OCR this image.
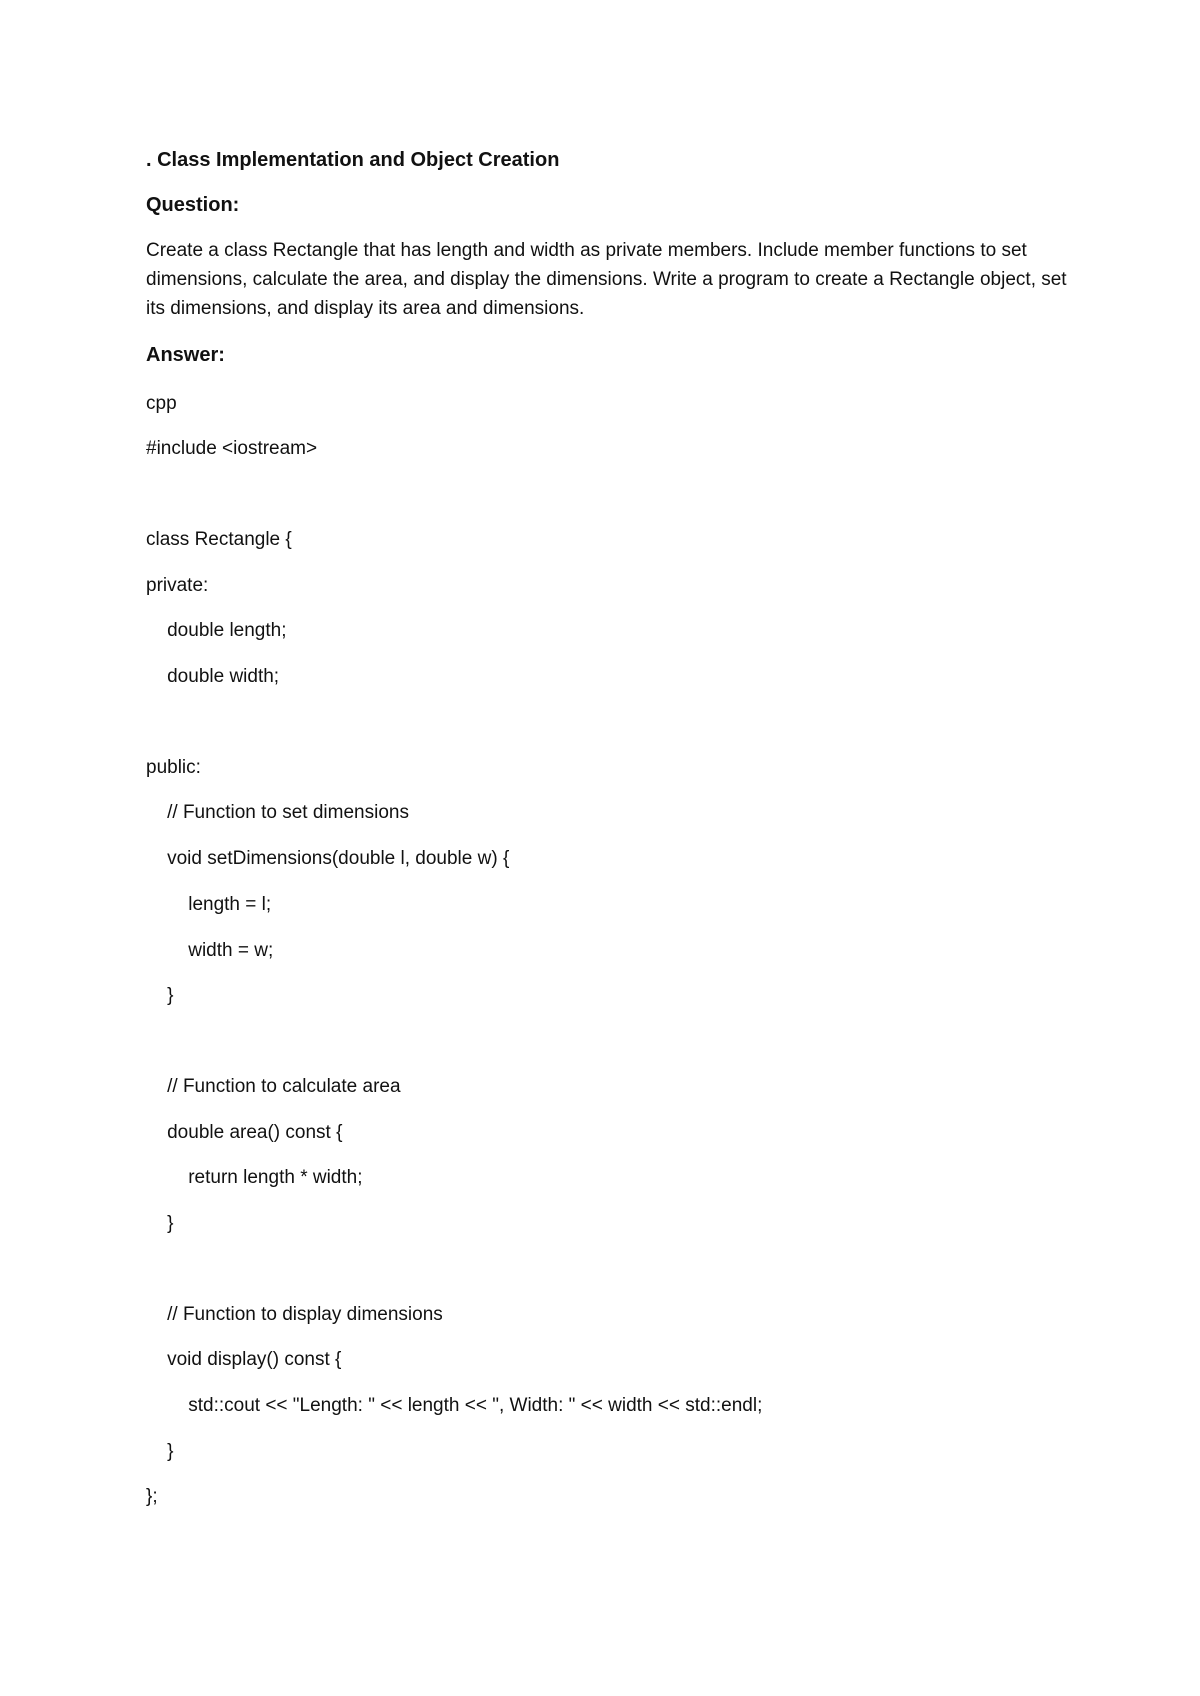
. Class Implementation and Object Creation
Question:
Create a class Rectangle that has length and width as private members. Include member functions to set dimensions, calculate the area, and display the dimensions. Write a program to create a Rectangle object, set its dimensions, and display its area and dimensions.
Answer:
cpp
#include <iostream>
class Rectangle {
private:
double length;
double width;
public:
// Function to set dimensions
void setDimensions(double l, double w) {
length = l;
width = w;
}
// Function to calculate area
double area() const {
return length * width;
}
// Function to display dimensions
void display() const {
std::cout << "Length: " << length << ", Width: " << width << std::endl;
}
};
